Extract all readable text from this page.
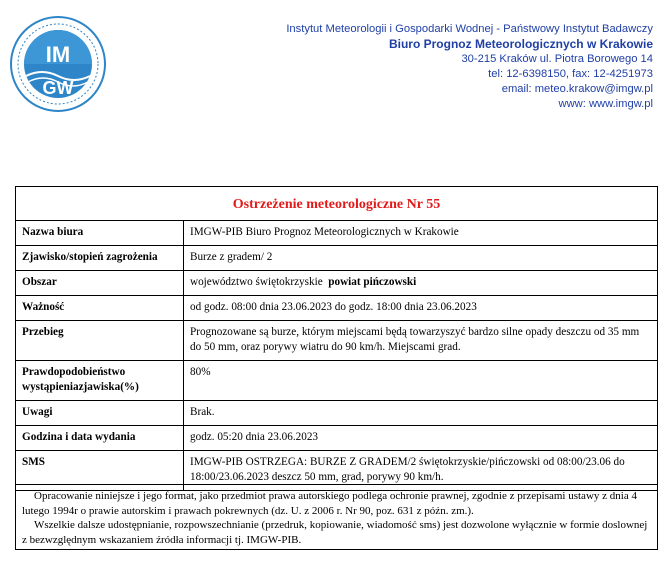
IM
GW
Instytut Meteorologii i Gospodarki Wodnej - Państwowy Instytut Badawczy
Biuro Prognoz Meteorologicznych w Krakowie
30-215 Kraków ul. Piotra Borowego 14
tel: 12-6398150, fax: 12-4251973
email: meteo.krakow@imgw.pl
www: www.imgw.pl
Ostrzeżenie meteorologiczne Nr 55	
Nazwa biura	IMGW-PIB Biuro Prognoz Meteorologicznych w Krakowie
Zjawisko/stopień zagrożenia	Burze z gradem/ 2
Obszar	województwo świętokrzyskie powiat pińczowski
Ważność	od godz. 08:00 dnia 23.06.2023 do godz. 18:00 dnia 23.06.2023
Przebieg	Prognozowane są burze, którym miejscami będą towarzyszyć bardzo silne opady deszczu od 35 mm do 50 mm, oraz porywy wiatru do 90 km/h. Miejscami grad.
Prawdopodobieństwo wystąpieniazjawiska(%)	80%
Uwagi	Brak.
Godzina i data wydania	godz. 05:20 dnia 23.06.2023
SMS	IMGW-PIB OSTRZEGA: BURZE Z GRADEM/2 świętokrzyskie/pińczowski od 08:00/23.06 do 18:00/23.06.2023 deszcz 50 mm, grad, porywy 90 km/h.

Opracowanie niniejsze i jego format, jako przedmiot prawa autorskiego podlega ochronie prawnej, zgodnie z przepisami ustawy z dnia 4 lutego 1994r o prawie autorskim i prawach pokrewnych (dz. U. z 2006 r. Nr 90, poz. 631 z późn. zm.).

Wszelkie dalsze udostępnianie, rozpowszechnianie (przedruk, kopiowanie, wiadomość sms) jest dozwolone wyłącznie w formie doslownej z bezwzględnym wskazaniem źródła informacji tj. IMGW-PIB.
